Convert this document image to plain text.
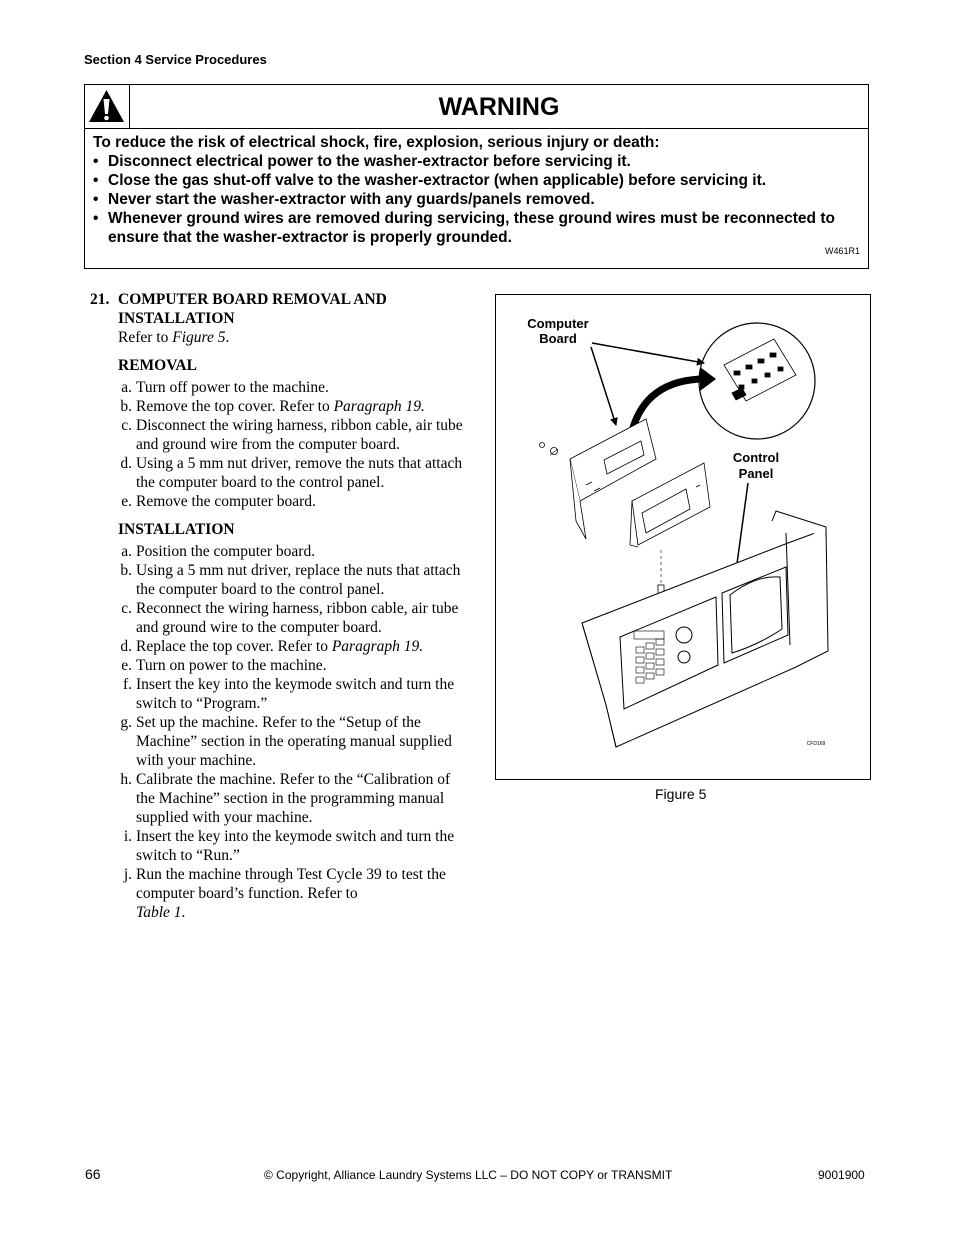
Section 4 Service Procedures
WARNING
To reduce the risk of electrical shock, fire, explosion, serious injury or death:
• Disconnect electrical power to the washer-extractor before servicing it.
• Close the gas shut-off valve to the washer-extractor (when applicable) before servicing it.
• Never start the washer-extractor with any guards/panels removed.
• Whenever ground wires are removed during servicing, these ground wires must be reconnected to ensure that the washer-extractor is properly grounded.
W461R1
21. COMPUTER BOARD REMOVAL AND
INSTALLATION
Refer to Figure 5.
REMOVAL
a. Turn off power to the machine.
b. Remove the top cover. Refer to Paragraph 19.
c. Disconnect the wiring harness, ribbon cable, air tube and ground wire from the computer board.
d. Using a 5 mm nut driver, remove the nuts that attach the computer board to the control panel.
e. Remove the computer board.
INSTALLATION
a. Position the computer board.
b. Using a 5 mm nut driver, replace the nuts that attach the computer board to the control panel.
c. Reconnect the wiring harness, ribbon cable, air tube and ground wire to the computer board.
d. Replace the top cover. Refer to Paragraph 19.
e. Turn on power to the machine.
f. Insert the key into the keymode switch and turn the switch to “Program.”
g. Set up the machine. Refer to the “Setup of the Machine” section in the operating manual supplied with your machine.
h. Calibrate the machine. Refer to the “Calibration of the Machine” section in the programming manual supplied with your machine.
i. Insert the key into the keymode switch and turn the switch to “Run.”
j. Run the machine through Test Cycle 39 to test the computer board’s function. Refer to
Table 1.
Computer
Board
Control
Panel
CFD169
Figure 5
66	© Copyright, Alliance Laundry Systems LLC – DO NOT COPY or TRANSMIT	9001900
